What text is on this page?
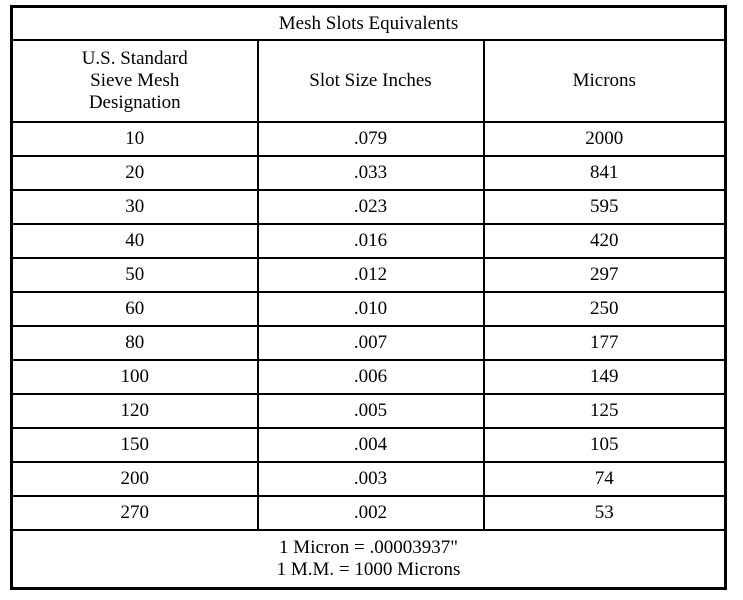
Mesh Slots Equivalents		

U.S. Standard
Sieve Mesh
Designation	Slot Size Inches	Microns
10	.079	2000
20	.033	841
30	.023	595
40	.016	420
50	.012	297
60	.010	250
80	.007	177
100	.006	149
120	.005	125
150	.004	105
200	.003	74
270	.002	53

1 Micron = .00003937"
1 M.M. = 1000 Microns		
